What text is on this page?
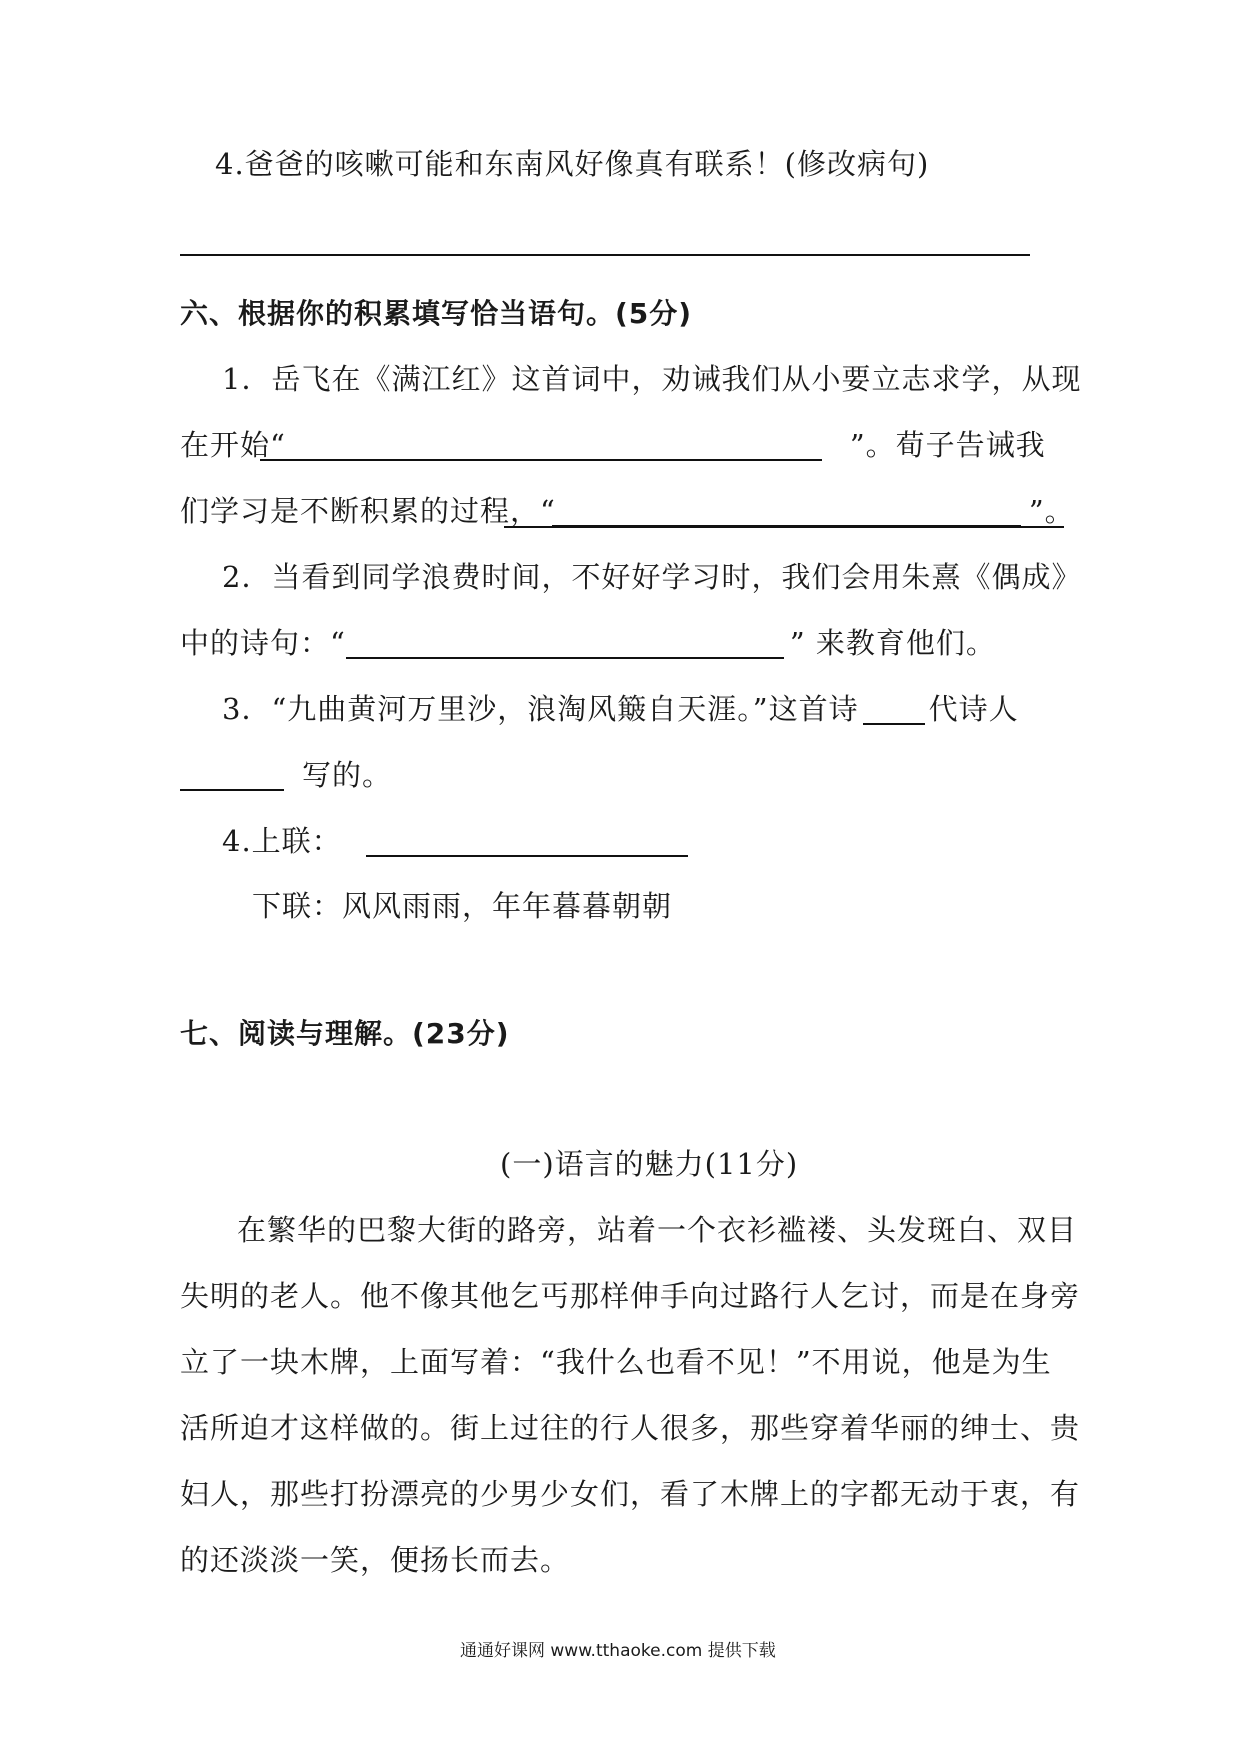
4.爸爸的咳嗽可能和东南风好像真有联系！(修改病句)
六、根据你的积累填写恰当语句。(5分)
1．岳飞在《满江红》这首词中，劝诫我们从小要立志求学，从现
在开始“	”。荀子告诫我
们学习是不断积累的过程，“	”。
2．当看到同学浪费时间，不好好学习时，我们会用朱熹《偶成》
中的诗句：“	” 来教育他们。
3．“九曲黄河万里沙，浪淘风簸自天涯。”这首诗 代诗人
写的。
4.上联：
下联：风风雨雨，年年暮暮朝朝
七、阅读与理解。(23分)
(一)语言的魅力(11分)
在繁华的巴黎大街的路旁，站着一个衣衫褴褛、头发斑白、双目
失明的老人。他不像其他乞丐那样伸手向过路行人乞讨，而是在身旁
立了一块木牌，上面写着：“我什么也看不见！”不用说，他是为生
活所迫才这样做的。街上过往的行人很多，那些穿着华丽的绅士、贵
妇人，那些打扮漂亮的少男少女们，看了木牌上的字都无动于衷，有
的还淡淡一笑，便扬长而去。
通通好课网 www.tthaoke.com 提供下载
